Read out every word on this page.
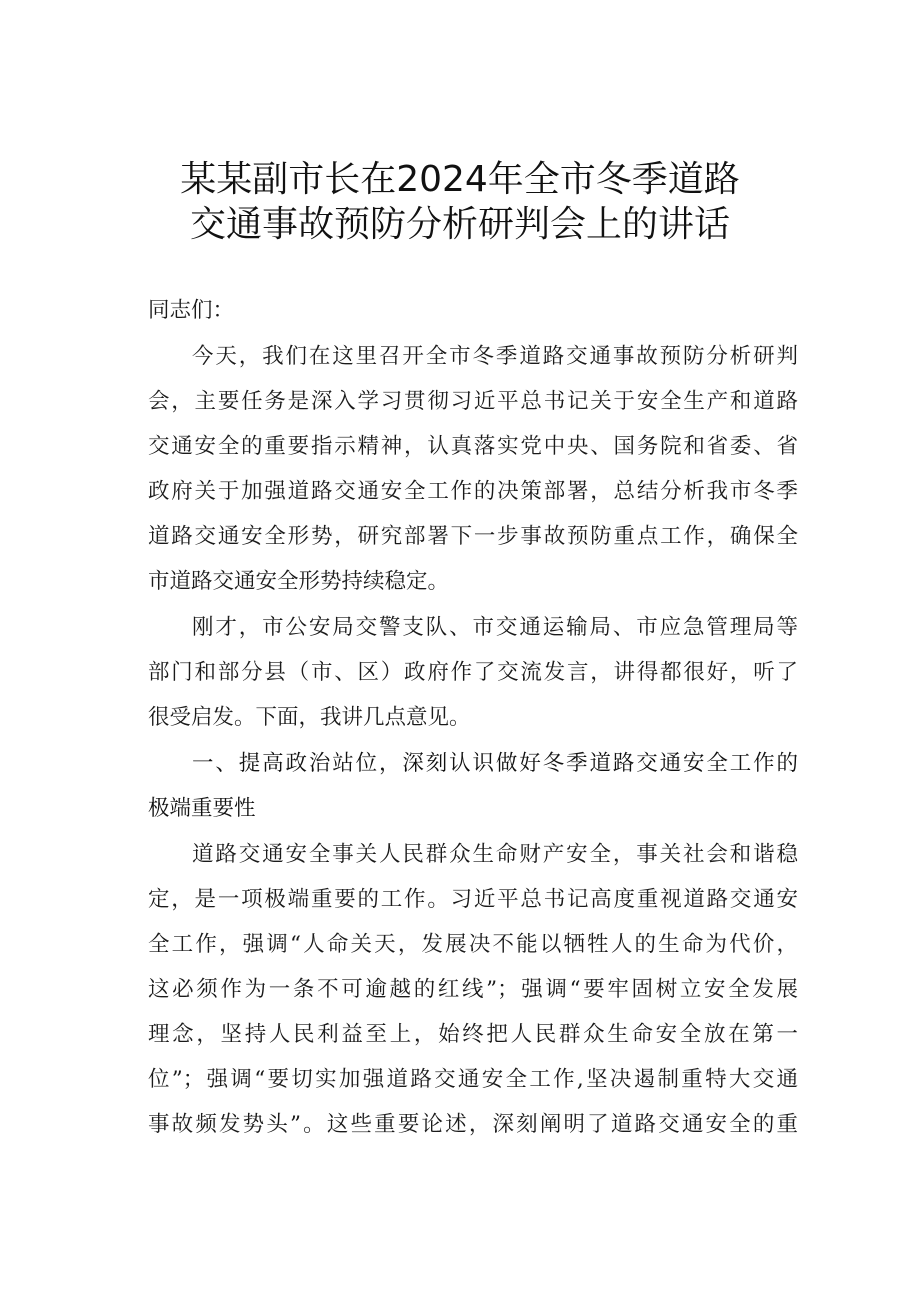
某某副市长在2024年全市冬季道路
交通事故预防分析研判会上的讲话
同志们：
今天，我们在这里召开全市冬季道路交通事故预防分析研判
会，主要任务是深入学习贯彻习近平总书记关于安全生产和道路
交通安全的重要指示精神，认真落实党中央、国务院和省委、省
政府关于加强道路交通安全工作的决策部署，总结分析我市冬季
道路交通安全形势，研究部署下一步事故预防重点工作，确保全
市道路交通安全形势持续稳定。
刚才，市公安局交警支队、市交通运输局、市应急管理局等
部门和部分县（市、区）政府作了交流发言，讲得都很好，听了
很受启发。下面，我讲几点意见。
一、提高政治站位，深刻认识做好冬季道路交通安全工作的
极端重要性
道路交通安全事关人民群众生命财产安全，事关社会和谐稳
定，是一项极端重要的工作。习近平总书记高度重视道路交通安
全工作，强调“人命关天，发展决不能以牺牲人的生命为代价，
这必须作为一条不可逾越的红线”；强调“要牢固树立安全发展
理念，坚持人民利益至上，始终把人民群众生命安全放在第一
位”；强调“要切实加强道路交通安全工作,坚决遏制重特大交通
事故频发势头”。这些重要论述，深刻阐明了道路交通安全的重
